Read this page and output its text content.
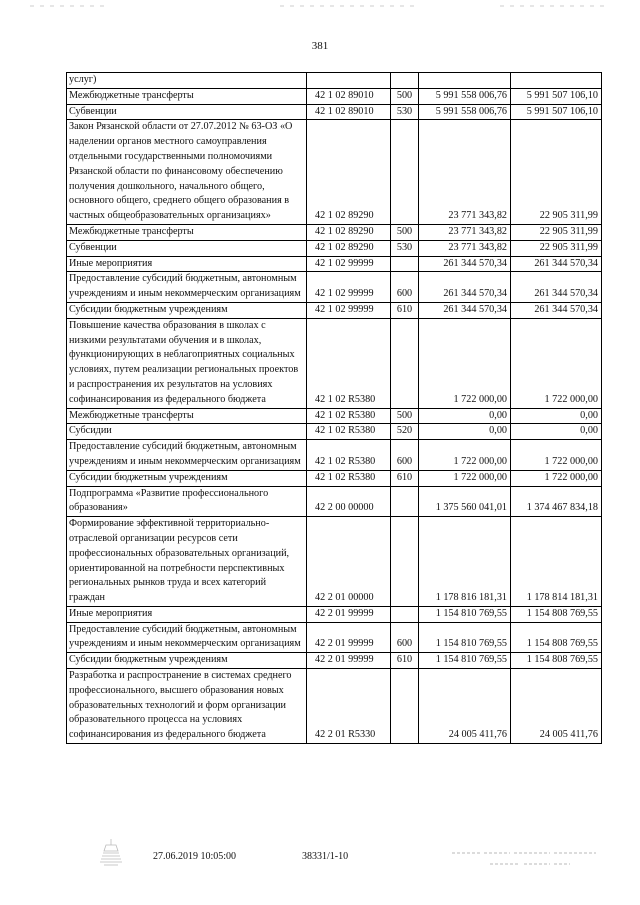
381
услуг)				
Межбюджетные трансферты	42 1 02 89010	500	5 991 558 006,76	5 991 507 106,10
Субвенции	42 1 02 89010	530	5 991 558 006,76	5 991 507 106,10
Закон Рязанской области от 27.07.2012 № 63-ОЗ «О наделении органов местного самоуправления отдельными государственными полномочиями Рязанской области по финансовому обеспечению получения дошкольного, начального общего, основного общего, среднего общего образования в частных общеобразовательных организациях»	42 1 02 89290		23 771 343,82	22 905 311,99
Межбюджетные трансферты	42 1 02 89290	500	23 771 343,82	22 905 311,99
Субвенции	42 1 02 89290	530	23 771 343,82	22 905 311,99
Иные мероприятия	42 1 02 99999		261 344 570,34	261 344 570,34
Предоставление субсидий бюджетным, автономным учреждениям и иным некоммерческим организациям	42 1 02 99999	600	261 344 570,34	261 344 570,34
Субсидии бюджетным учреждениям	42 1 02 99999	610	261 344 570,34	261 344 570,34
Повышение качества образования в школах с низкими результатами обучения и в школах, функционирующих в неблагоприятных социальных условиях, путем реализации региональных проектов и распространения их результатов на условиях софинансирования из федерального бюджета	42 1 02 R5380		1 722 000,00	1 722 000,00
Межбюджетные трансферты	42 1 02 R5380	500	0,00	0,00
Субсидии	42 1 02 R5380	520	0,00	0,00
Предоставление субсидий бюджетным, автономным учреждениям и иным некоммерческим организациям	42 1 02 R5380	600	1 722 000,00	1 722 000,00
Субсидии бюджетным учреждениям	42 1 02 R5380	610	1 722 000,00	1 722 000,00
Подпрограмма «Развитие профессионального образования»	42 2 00 00000		1 375 560 041,01	1 374 467 834,18
Формирование эффективной территориально-отраслевой организации ресурсов сети профессиональных образовательных организаций, ориентированной на потребности перспективных региональных рынков труда и всех категорий граждан	42 2 01 00000		1 178 816 181,31	1 178 814 181,31
Иные мероприятия	42 2 01 99999		1 154 810 769,55	1 154 808 769,55
Предоставление субсидий бюджетным, автономным учреждениям и иным некоммерческим организациям	42 2 01 99999	600	1 154 810 769,55	1 154 808 769,55
Субсидии бюджетным учреждениям	42 2 01 99999	610	1 154 810 769,55	1 154 808 769,55
Разработка и распространение в системах среднего профессионального, высшего образования новых образовательных технологий и форм организации образовательного процесса на условиях софинансирования из федерального бюджета	42 2 01 R5330		24 005 411,76	24 005 411,76
27.06.2019 10:05:00	38331/1-10
